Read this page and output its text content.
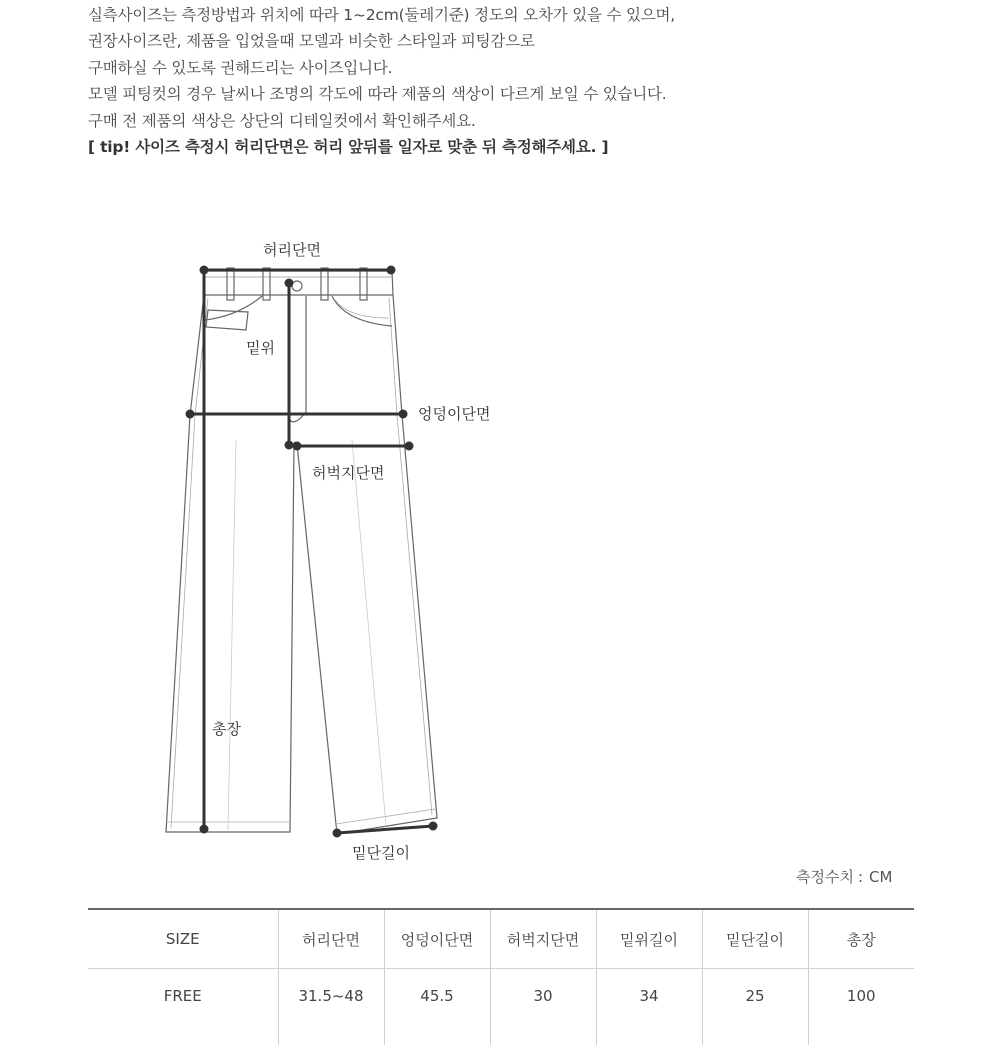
실측사이즈는 측정방법과 위치에 따라 1~2cm(둘레기준) 정도의 오차가 있을 수 있으며,
권장사이즈란, 제품을 입었을때 모델과 비슷한 스타일과 피팅감으로
구매하실 수 있도록 권해드리는 사이즈입니다.
모델 피팅컷의 경우 날씨나 조명의 각도에 따라 제품의 색상이 다르게 보일 수 있습니다.
구매 전 제품의 색상은 상단의 디테일컷에서 확인해주세요.
[ tip! 사이즈 측정시 허리단면은 허리 앞뒤를 일자로 맞춘 뒤 측정해주세요. ]
허리단면
밑위
엉덩이단면
허벅지단면
총장
밑단길이
측정수치 : CM
SIZE	허리단면	엉덩이단면	허벅지단면	밑위길이	밑단길이	총장
FREE	31.5~48	45.5	30	34	25	100
